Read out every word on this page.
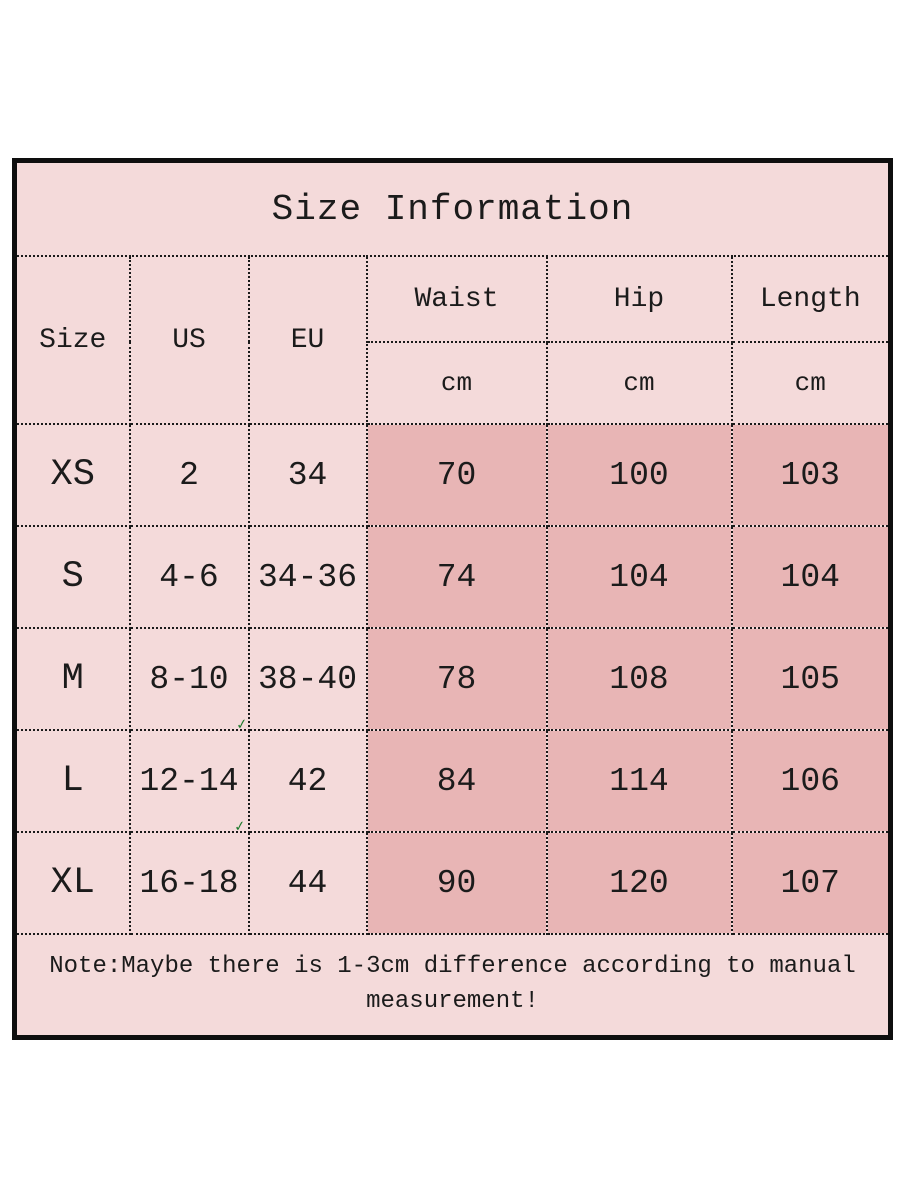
Size Information					
Size	US	EU	Waist	Hip	Length
			cm	cm	cm
XS	2	34	70	100	103
S	4-6	34-36	74	104	104
M	8-10	38-40	78	108	105
L	12-14	42	84	114	106
XL	16-18	44	90	120	107
Note:Maybe there is 1-3cm difference according to manual measurement!					
✓
✓
